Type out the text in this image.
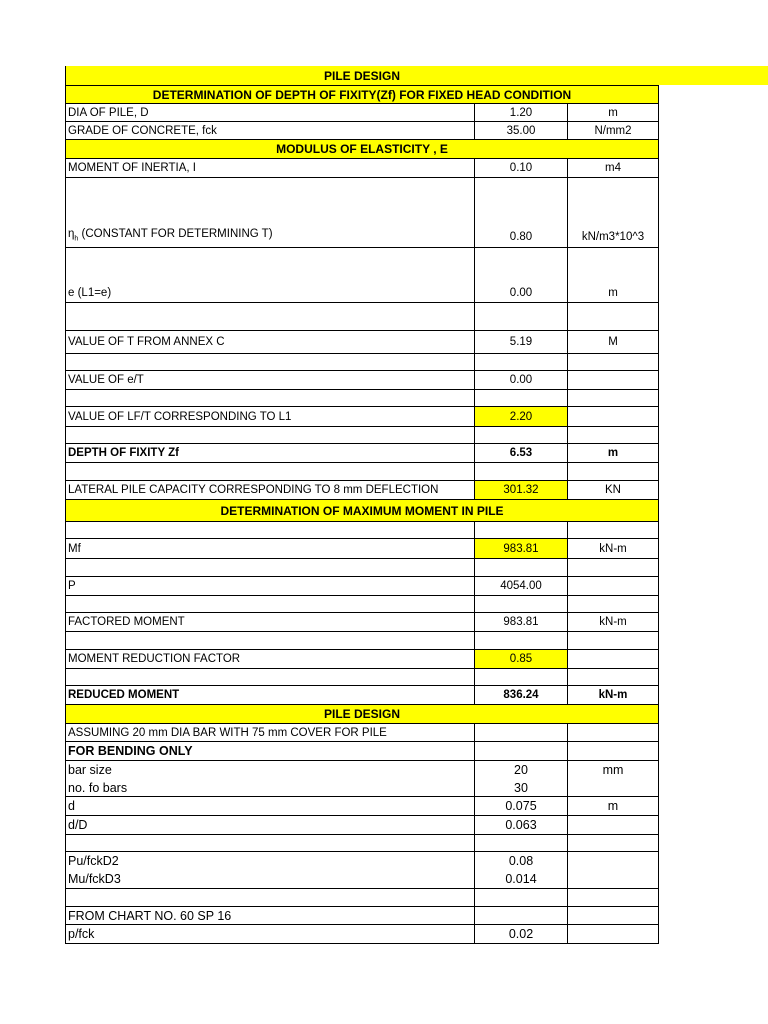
PILE DESIGN
DETERMINATION OF DEPTH OF FIXITY(Zf) FOR FIXED HEAD CONDITION
DIA OF PILE, D	1.20	m
GRADE OF CONCRETE, fck	35.00	N/mm2
MODULUS OF ELASTICITY , E
MOMENT OF INERTIA, I	0.10	m4
$\eta_h$ (CONSTANT FOR DETERMINING T)	0.80	kN/m3*10^3
e (L1=e)	0.00	m
VALUE OF T FROM ANNEX C	5.19	M
VALUE OF e/T	0.00
VALUE OF LF/T CORRESPONDING TO L1	2.20
DEPTH OF FIXITY Zf	6.53	m
LATERAL PILE CAPACITY CORRESPONDING TO 8 mm DEFLECTION	301.32	KN
DETERMINATION OF MAXIMUM MOMENT IN PILE
Mf	983.81	kN-m
P	4054.00
FACTORED MOMENT	983.81	kN-m
MOMENT REDUCTION FACTOR	0.85
REDUCED MOMENT	836.24	kN-m
PILE DESIGN
ASSUMING 20 mm DIA BAR WITH 75 mm COVER FOR PILE
FOR BENDING ONLY
bar size	20	mm
no. fo bars	30
d	0.075	m
d/D	0.063
Pu/fckD2	0.08
Mu/fckD3	0.014
FROM CHART NO. 60 SP 16
p/fck	0.02
